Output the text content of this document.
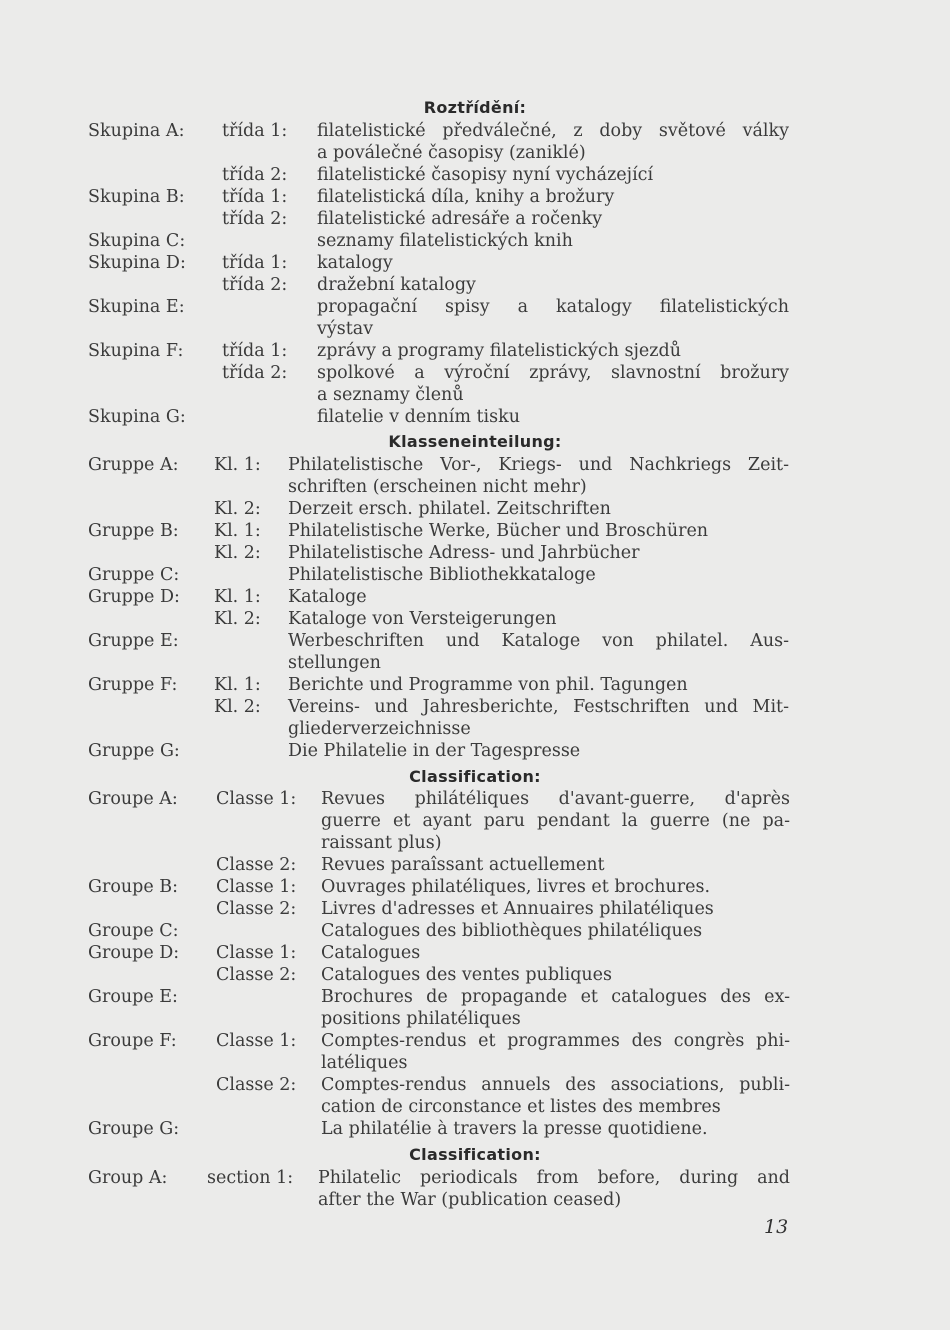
Roztřídění:
Skupina A: třída 1: filatelistické předválečné, z doby světové války
a poválečné časopisy (zaniklé)
třída 2: filatelistické časopisy nyní vycházející
Skupina B: třída 1: filatelistická díla, knihy a brožury
třída 2: filatelistické adresáře a ročenky
Skupina C:	seznamy filatelistických knih
Skupina D: třída 1: katalogy
třída 2: dražební katalogy
Skupina E:	propagační spisy a katalogy filatelistických
výstav
Skupina F: třída 1: zprávy a programy filatelistických sjezdů
třída 2: spolkové a výroční zprávy, slavnostní brožury
a seznamy členů
Skupina G:	filatelie v denním tisku
Klasseneinteilung:
Gruppe A: Kl. 1: Philatelistische Vor-, Kriegs- und Nachkriegs Zeit-
schriften (erscheinen nicht mehr)
Kl. 2: Derzeit ersch. philatel. Zeitschriften
Gruppe B: Kl. 1: Philatelistische Werke, Bücher und Broschüren
Kl. 2: Philatelistische Adress- und Jahrbücher
Gruppe C:	Philatelistische Bibliothekkataloge
Gruppe D: Kl. 1: Kataloge
Kl. 2: Kataloge von Versteigerungen
Gruppe E:	Werbeschriften und Kataloge von philatel. Aus-
stellungen
Gruppe F: Kl. 1: Berichte und Programme von phil. Tagungen
Kl. 2: Vereins- und Jahresberichte, Festschriften und Mit-
gliederverzeichnisse
Gruppe G:	Die Philatelie in der Tagespresse
Classification:
Groupe A: Classe 1: Revues philátéliques d'avant-guerre, d'après
guerre et ayant paru pendant la guerre (ne pa-
raissant plus)
Classe 2: Revues paraîssant actuellement
Groupe B: Classe 1: Ouvrages philatéliques, livres et brochures.
Classe 2: Livres d'adresses et Annuaires philatéliques
Groupe C:	Catalogues des bibliothèques philatéliques
Groupe D: Classe 1: Catalogues
Classe 2: Catalogues des ventes publiques
Groupe E:	Brochures de propagande et catalogues des ex-
positions philatéliques
Groupe F: Classe 1: Comptes-rendus et programmes des congrès phi-
latéliques
Classe 2: Comptes-rendus annuels des associations, publi-
cation de circonstance et listes des membres
Groupe G:	La philatélie à travers la presse quotidiene.
Classification:
Group A: section 1: Philatelic periodicals from before, during and
after the War (publication ceased)
13
